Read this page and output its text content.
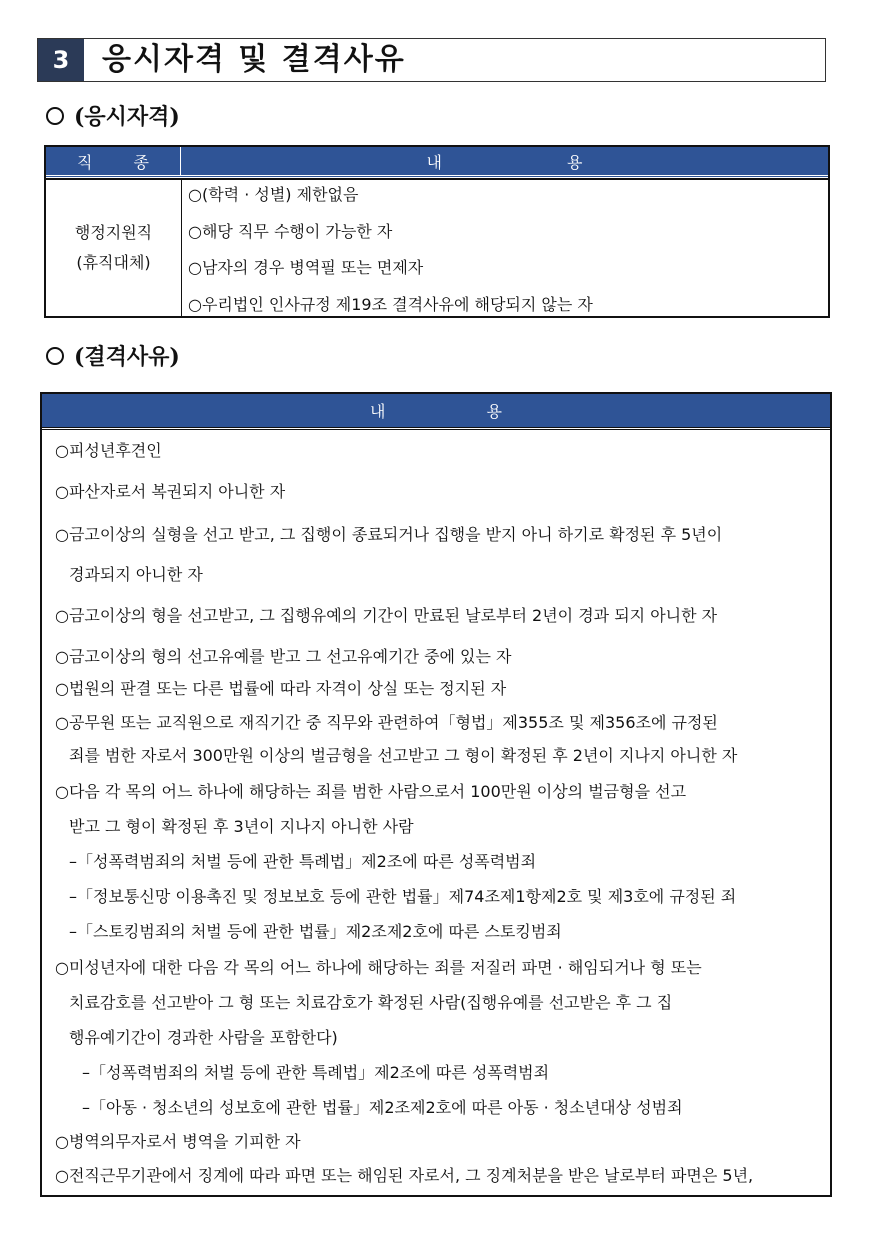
3	응시자격 및 결격사유
(응시자격)
직 종	내 용
행정지원직
(휴직대체)
○(학력 · 성별) 제한없음
○해당 직무 수행이 가능한 자
○남자의 경우 병역필 또는 면제자
○우리법인 인사규정 제19조 결격사유에 해당되지 않는 자
(결격사유)
내 용
○피성년후견인
○파산자로서 복권되지 아니한 자
○금고이상의 실형을 선고 받고, 그 집행이 종료되거나 집행을 받지 아니 하기로 확정된 후 5년이
경과되지 아니한 자
○금고이상의 형을 선고받고, 그 집행유예의 기간이 만료된 날로부터 2년이 경과 되지 아니한 자
○금고이상의 형의 선고유예를 받고 그 선고유예기간 중에 있는 자
○법원의 판결 또는 다른 법률에 따라 자격이 상실 또는 정지된 자
○공무원 또는 교직원으로 재직기간 중 직무와 관련하여「형법」제355조 및 제356조에 규정된
죄를 범한 자로서 300만원 이상의 벌금형을 선고받고 그 형이 확정된 후 2년이 지나지 아니한 자
○다음 각 목의 어느 하나에 해당하는 죄를 범한 사람으로서 100만원 이상의 벌금형을 선고
받고 그 형이 확정된 후 3년이 지나지 아니한 사람
–「성폭력범죄의 처벌 등에 관한 특례법」제2조에 따른 성폭력범죄
–「정보통신망 이용촉진 및 정보보호 등에 관한 법률」제74조제1항제2호 및 제3호에 규정된 죄
–「스토킹범죄의 처벌 등에 관한 법률」제2조제2호에 따른 스토킹범죄
○미성년자에 대한 다음 각 목의 어느 하나에 해당하는 죄를 저질러 파면 · 해임되거나 형 또는
치료감호를 선고받아 그 형 또는 치료감호가 확정된 사람(집행유예를 선고받은 후 그 집
행유예기간이 경과한 사람을 포함한다)
–「성폭력범죄의 처벌 등에 관한 특례법」제2조에 따른 성폭력범죄
–「아동 · 청소년의 성보호에 관한 법률」제2조제2호에 따른 아동 · 청소년대상 성범죄
○병역의무자로서 병역을 기피한 자
○전직근무기관에서 징계에 따라 파면 또는 해임된 자로서, 그 징계처분을 받은 날로부터 파면은 5년,
